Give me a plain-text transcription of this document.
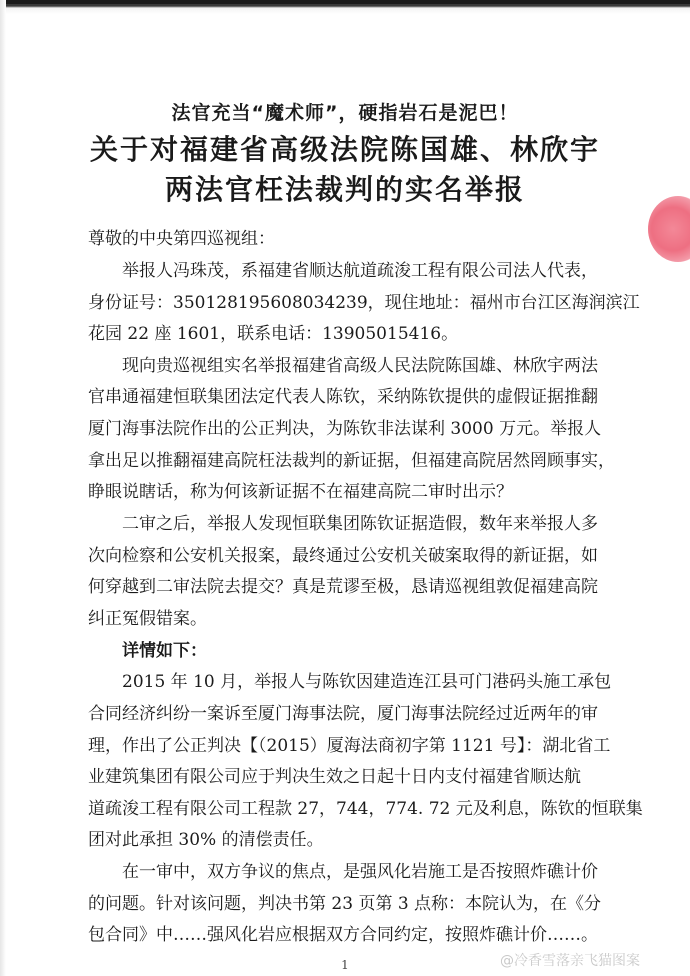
法官充当“魔术师”，硬指岩石是泥巴！
关于对福建省高级法院陈国雄、林欣宇
两法官枉法裁判的实名举报
尊敬的中央第四巡视组：
举报人冯珠茂，系福建省顺达航道疏浚工程有限公司法人代表，
身份证号：350128195608034239，现住地址：福州市台江区海润滨江
花园 22 座 1601，联系电话：13905015416。
现向贵巡视组实名举报福建省高级人民法院陈国雄、林欣宇两法
官串通福建恒联集团法定代表人陈钦，采纳陈钦提供的虚假证据推翻
厦门海事法院作出的公正判决，为陈钦非法谋利 3000 万元。举报人
拿出足以推翻福建高院枉法裁判的新证据，但福建高院居然罔顾事实，
睁眼说瞎话，称为何该新证据不在福建高院二审时出示？
二审之后，举报人发现恒联集团陈钦证据造假，数年来举报人多
次向检察和公安机关报案，最终通过公安机关破案取得的新证据，如
何穿越到二审法院去提交？真是荒谬至极，恳请巡视组敦促福建高院
纠正冤假错案。
详情如下：
2015 年 10 月，举报人与陈钦因建造连江县可门港码头施工承包
合同经济纠纷一案诉至厦门海事法院，厦门海事法院经过近两年的审
理，作出了公正判决【（2015）厦海法商初字第 1121 号】：湖北省工
业建筑集团有限公司应于判决生效之日起十日内支付福建省顺达航
道疏浚工程有限公司工程款 27，744，774. 72 元及利息，陈钦的恒联集
团对此承担 30% 的清偿责任。
在一审中，双方争议的焦点，是强风化岩施工是否按照炸礁计价
的问题。针对该问题，判决书第 23 页第 3 点称：本院认为，在《分
包合同》中……强风化岩应根据双方合同约定，按照炸礁计价……。
1	@冷香雪落亲飞猫图案
